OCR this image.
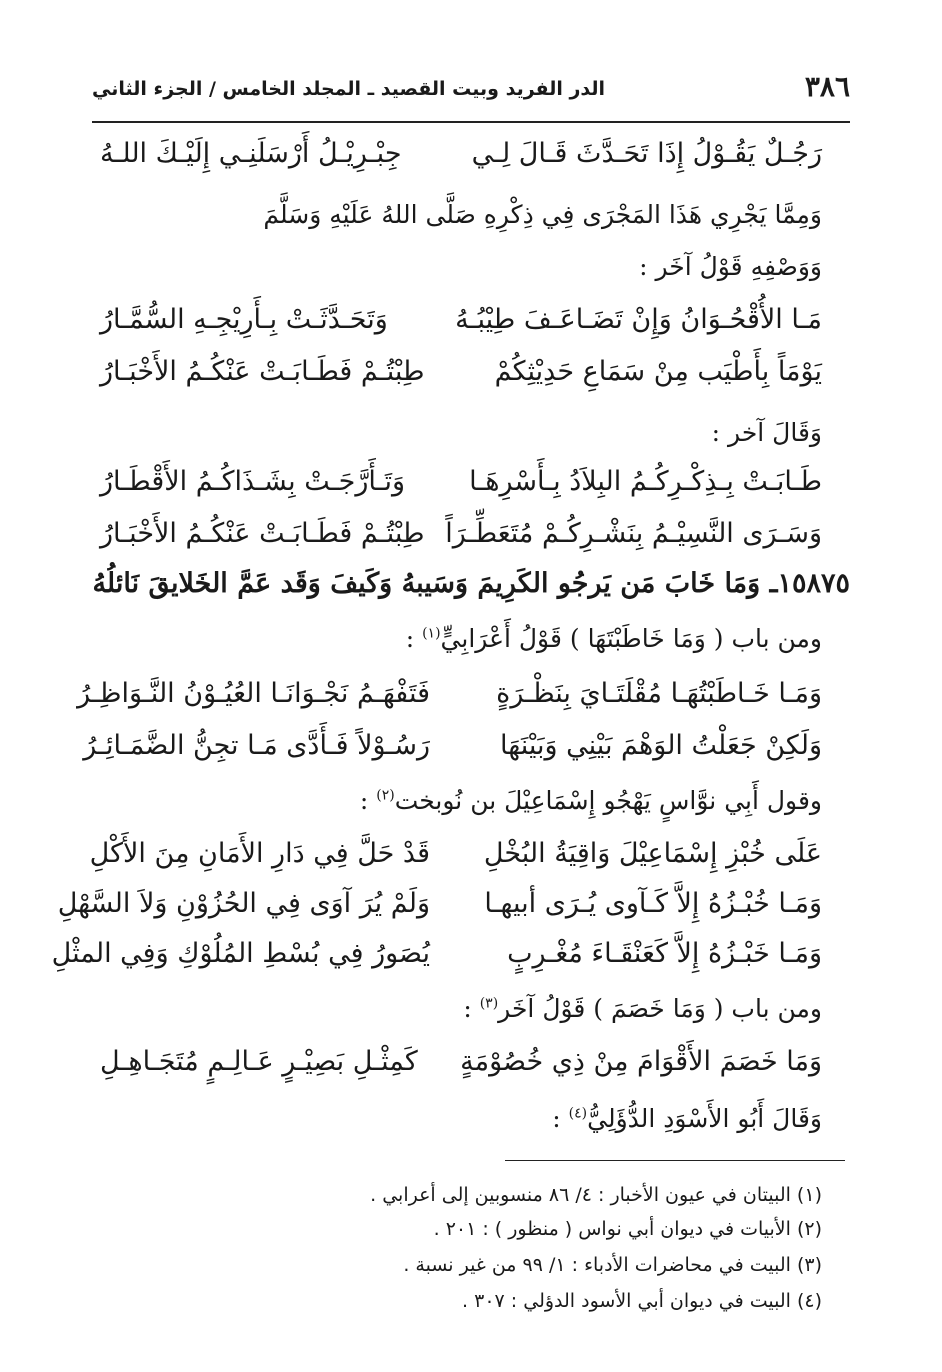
٣٨٦
الدر الفريد وبيت القصيد ـ المجلد الخامس / الجزء الثاني
رَجُـلٌ يَقُـوْلُ إِذَا تَحَـدَّثَ قَـالَ لِـي
جِبْـرِيْـلُ أَرْسَلَنِـي إِلَيْـكَ اللـهُ
وَمِمَّا يَجْرِي هَذَا المَجْرَى فِي ذِكْرِهِ صَلَّى اللهُ عَلَيْهِ وَسَلَّمَ
وَوَصْفِهِ قَوْلُ آخَر :
مَـا الأُقْحُـوَانُ وَإِنْ تَضَـاعَـفَ طِيْبُـهُ
وَتَحَـدَّثَـتْ بِـأَرِيْجِـهِ السُّمَّـارُ
يَوْمَاً بِأَطْيَب مِنْ سَمَاعِ حَدِيْثِكُمْ
طِبْتُـمْ فَطَـابَـتْ عَنْكُـمُ الأَخْبَـارُ
وَقَالَ آخر :
طَـابَـتْ بِـذِكْـرِكُـمُ البِلاَدُ بِـأَسْرِهَـا
وَتَـأَرَّجَـتْ بِشَـذَاكُـمُ الأَقْطَـارُ
وَسَـرَى النَّسِيْـمُ بِنَشْـرِكُـمْ مُتَعَطِّـرَاً
طِبْتُـمْ فَطَـابَـتْ عَنْكُـمُ الأَخْبَـارُ
١٥٨٧٥ـ وَمَا خَابَ مَن يَرجُو الكَرِيمَ وَسَيبهُ وَكَيفَ وَقَد عَمَّ الخَلايقَ نَائلُهُ
ومن باب ( وَمَا خَاطَبْتَهَا ) قَوْلُ أَعْرَابِيٍّ$^{(١)}$ :
وَمَـا خَـاطَبْتُهَـا مُقْلَتَـايَ بِنَظْـرَةٍ
فَتَفْهَـمُ نَجْـوَانَـا العُيُـوْنُ النَّـوَاظِـرُ
وَلَكِنْ جَعَلْتُ الوَهْمَ بَيْنِي وَبَيْنَهَا
رَسُـوْلاً فَـأَدَّى مَـا تجِنُّ الضَّمَـائِـرُ
وقول أَبِي نوَّاسٍ يَهْجُو إِسْمَاعِيْلَ بن نُوبخت$^{(٢)}$ :
عَلَى خُبْزِ إِسْمَاعِيْلَ وَاقِيَةُ البُخْلِ
قَدْ حَلَّ فِي دَارِ الأَمَانِ مِنَ الأَكْلِ
وَمَـا خُبْـزُهُ إِلاَّ كَـآوى يُـرَى أبيهـا
وَلَمْ يُرَ آوَى فِي الحُزُوْنِ وَلاَ السَّهْلِ
وَمَـا خَبْـزُهُ إِلاَّ كَعَنْقَـاءَ مُغْـرِبٍ
يُصَورُ فِي بُسْطِ المُلُوْكِ وَفِي المثْلِ
ومن باب ( وَمَا خَصَمَ ) قَوْلُ آخَر$^{(٣)}$ :
وَمَا خَصَمَ الأَقْوَامَ مِنْ ذِي خُصُوْمَةٍ
كَمِثْـلِ بَصِيْـرٍ عَـالِـمٍ مُتَجَـاهِـلِ
وَقَالَ أَبُو الأَسْوَدِ الدُّؤَلِيُّ$^{(٤)}$ :
(١) البيتان في عيون الأخبار : ٤/ ٨٦ منسوبين إلى أعرابي .
(٢) الأبيات في ديوان أبي نواس ( منظور ) : ٢٠١ .
(٣) البيت في محاضرات الأدباء : ١/ ٩٩ من غير نسبة .
(٤) البيت في ديوان أبي الأسود الدؤلي : ٣٠٧ .
